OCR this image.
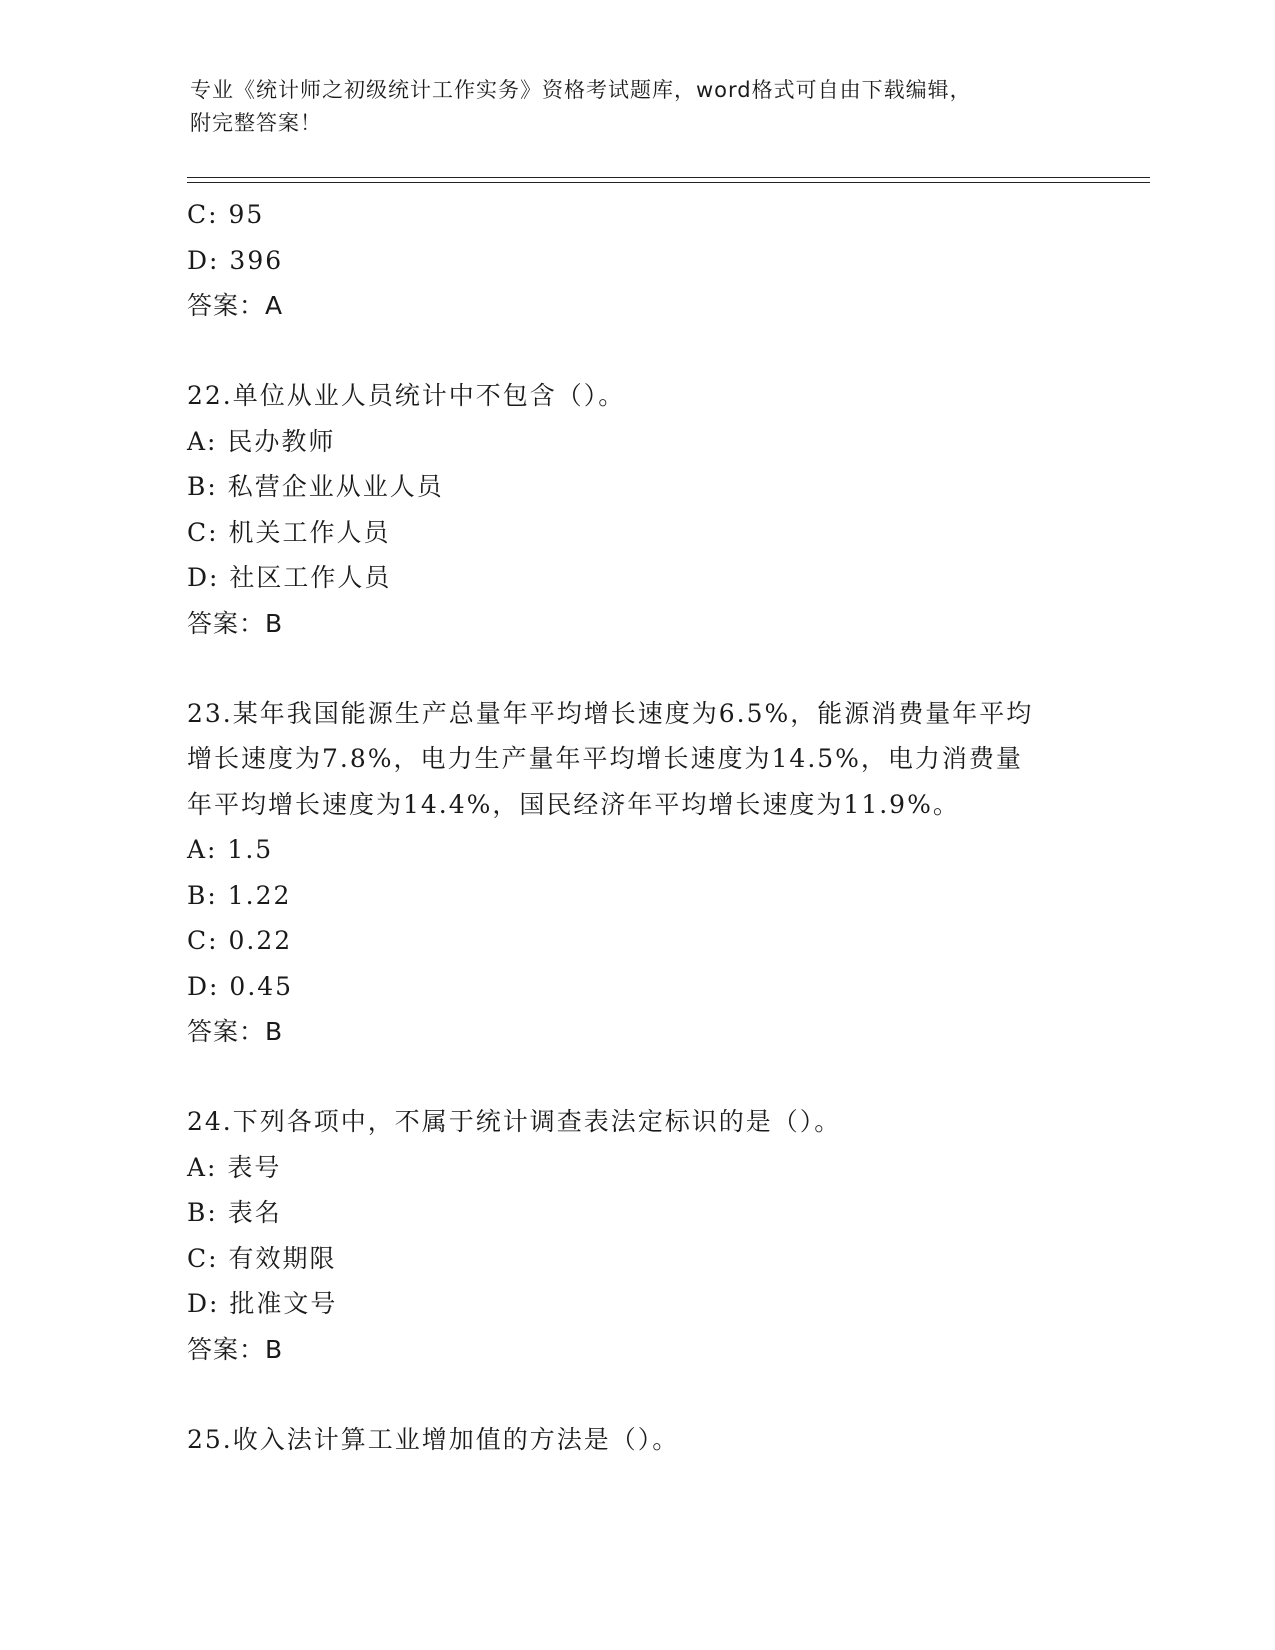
专业《统计师之初级统计工作实务》资格考试题库，word格式可自由下载编辑，
附完整答案！
C: 95
D: 396
答案：A
22.单位从业人员统计中不包含（）。
A: 民办教师
B: 私营企业从业人员
C: 机关工作人员
D: 社区工作人员
答案：B
23.某年我国能源生产总量年平均增长速度为6.5%，能源消费量年平均
增长速度为7.8%，电力生产量年平均增长速度为14.5%，电力消费量
年平均增长速度为14.4%，国民经济年平均增长速度为11.9%。
A: 1.5
B: 1.22
C: 0.22
D: 0.45
答案：B
24.下列各项中，不属于统计调查表法定标识的是（）。
A: 表号
B: 表名
C: 有效期限
D: 批准文号
答案：B
25.收入法计算工业增加值的方法是（）。
